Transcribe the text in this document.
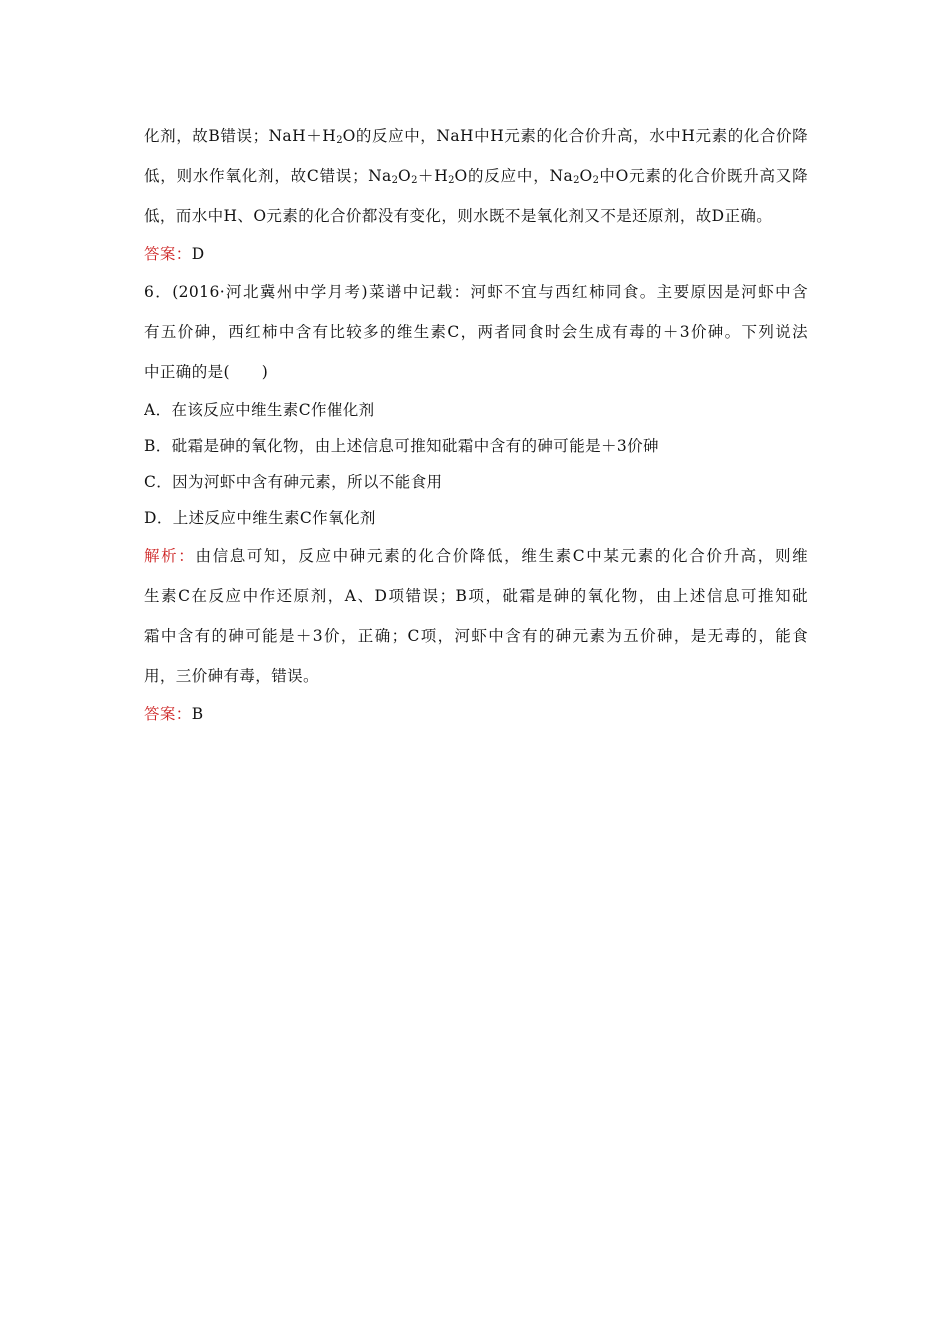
化剂，故B错误；$NaH+H_2O$的反应中，NaH中H元素的化合价升高，水中H元素的化合价降
低，则水作氧化剂，故C错误；$Na_2O_2+H_2O$的反应中，$Na_2O_2$中O元素的化合价既升高又降
低，而水中H、O元素的化合价都没有变化，则水既不是氧化剂又不是还原剂，故D正确。
答案：D
6．(2016·河北冀州中学月考)菜谱中记载：河虾不宜与西红柿同食。主要原因是河虾中含
有五价砷，西红柿中含有比较多的维生素C，两者同食时会生成有毒的＋3价砷。下列说法
中正确的是(　　)
A．在该反应中维生素C作催化剂
B．砒霜是砷的氧化物，由上述信息可推知砒霜中含有的砷可能是＋3价砷
C．因为河虾中含有砷元素，所以不能食用
D．上述反应中维生素C作氧化剂
解析：由信息可知，反应中砷元素的化合价降低，维生素C中某元素的化合价升高，则维
生素C在反应中作还原剂，A、D项错误；B项，砒霜是砷的氧化物，由上述信息可推知砒
霜中含有的砷可能是＋3价，正确；C项，河虾中含有的砷元素为五价砷，是无毒的，能食
用，三价砷有毒，错误。
答案：B
